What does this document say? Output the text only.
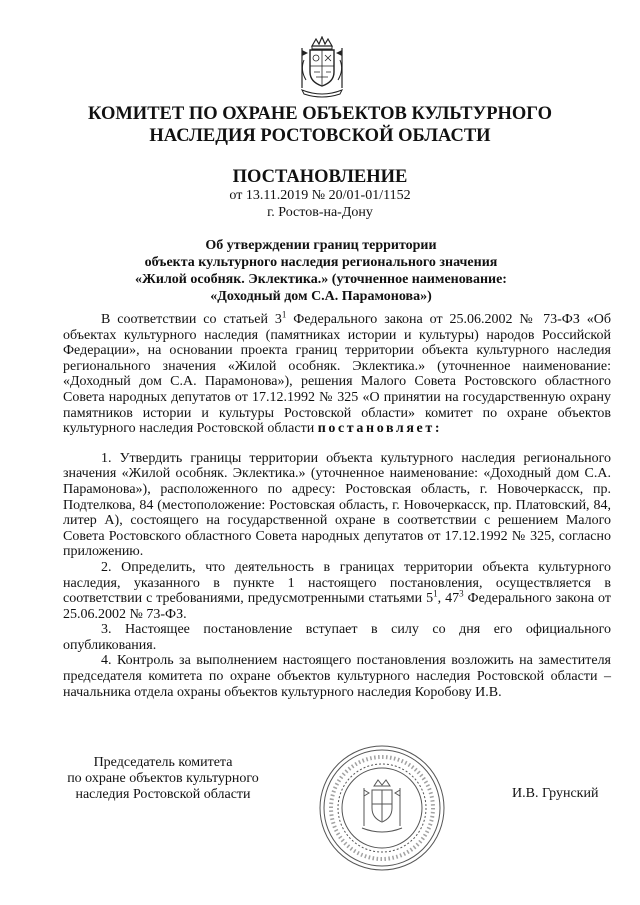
КОМИТЕТ ПО ОХРАНЕ ОБЪЕКТОВ КУЛЬТУРНОГО
НАСЛЕДИЯ РОСТОВСКОЙ ОБЛАСТИ
ПОСТАНОВЛЕНИЕ
от 13.11.2019 № 20/01-01/1152
г. Ростов-на-Дону
Об утверждении границ территории
объекта культурного наследия регионального значения
«Жилой особняк. Эклектика.» (уточненное наименование:
«Доходный дом С.А. Парамонова»)

В соответствии со статьей $3^1$ Федерального закона от 25.06.2002 № 73-ФЗ «Об объектах культурного наследия (памятниках истории и культуры) народов Российской Федерации», на основании проекта границ территории объекта культурного наследия регионального значения «Жилой особняк. Эклектика.» (уточненное наименование: «Доходный дом С.А. Парамонова»), решения Малого Совета Ростовского областного Совета народных депутатов от 17.12.1992 № 325 «О принятии на государственную охрану памятников истории и культуры Ростовской области» комитет по охране объектов культурного наследия Ростовской области постановляет:

1. Утвердить границы территории объекта культурного наследия регионального значения «Жилой особняк. Эклектика.» (уточненное наименование: «Доходный дом С.А. Парамонова»), расположенного по адресу: Ростовская область, г. Новочеркасск, пр. Подтелкова, 84 (местоположение: Ростовская область, г. Новочеркасск, пр. Платовский, 84, литер А), состоящего на государственной охране в соответствии с решением Малого Совета Ростовского областного Совета народных депутатов от 17.12.1992 № 325, согласно приложению.

2. Определить, что деятельность в границах территории объекта культурного наследия, указанного в пункте 1 настоящего постановления, осуществляется в соответствии с требованиями, предусмотренными статьями $5^1$, $47^3$ Федерального закона от 25.06.2002 № 73-ФЗ.

3. Настоящее постановление вступает в силу со дня его официального опубликования.

4. Контроль за выполнением настоящего постановления возложить на заместителя председателя комитета по охране объектов культурного наследия Ростовской области – начальника отдела охраны объектов культурного наследия Коробову И.В.

Председатель комитета
по охране объектов культурного
наследия Ростовской области	И.В. Грунский
